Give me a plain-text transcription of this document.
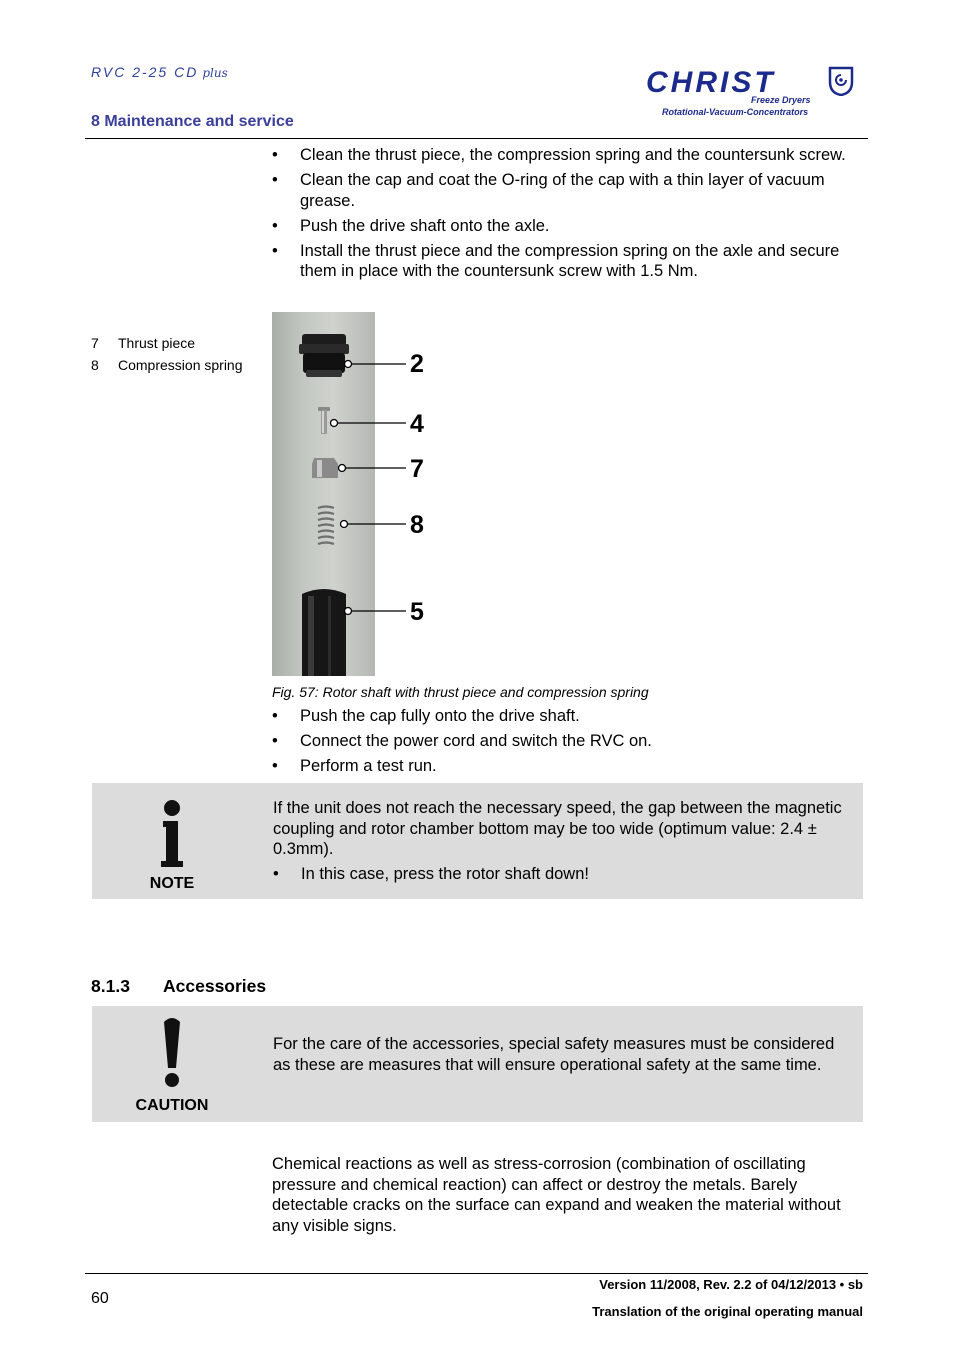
RVC 2-25 CD plus
8 Maintenance and service
CHRIST
Freeze Dryers
Rotational-Vacuum-Concentrators
• Clean the thrust piece, the compression spring and the countersunk screw.
• Clean the cap and coat the O-ring of the cap with a thin layer of vacuum grease.
• Push the drive shaft onto the axle.
• Install the thrust piece and the compression spring on the axle and secure them in place with the countersunk screw with 1.5 Nm.
7 Thrust piece
8 Compression spring	2
4
7
8
5
Fig. 57: Rotor shaft with thrust piece and compression spring
• Push the cap fully onto the drive shaft.
• Connect the power cord and switch the RVC on.
• Perform a test run.
NOTE
If the unit does not reach the necessary speed, the gap between the magnetic coupling and rotor chamber bottom may be too wide (optimum value: 2.4 ± 0.3mm).
• In this case, press the rotor shaft down!
8.1.3 Accessories
CAUTION
For the care of the accessories, special safety measures must be considered as these are measures that will ensure operational safety at the same time.
Chemical reactions as well as stress-corrosion (combination of oscillating pressure and chemical reaction) can affect or destroy the metals. Barely detectable cracks on the surface can expand and weaken the material without any visible signs.
60
Version 11/2008, Rev. 2.2 of 04/12/2013 • sb
Translation of the original operating manual
